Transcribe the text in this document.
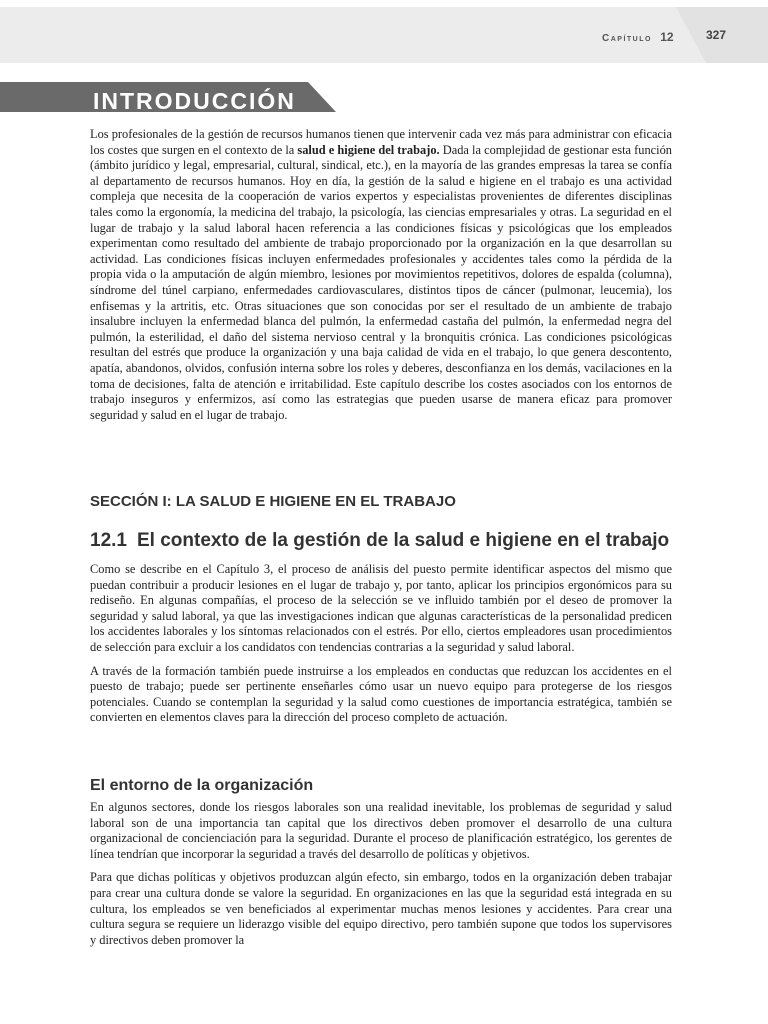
Capítulo 12	327
INTRODUCCIÓN

Los profesionales de la gestión de recursos humanos tienen que intervenir cada vez más para administrar con eficacia los costes que surgen en el contexto de la salud e higiene del trabajo. Dada la complejidad de gestionar esta función (ámbito jurídico y legal, empresarial, cultural, sindical, etc.), en la mayoría de las grandes empresas la tarea se confía al departamento de recursos humanos. Hoy en día, la gestión de la salud e higiene en el trabajo es una actividad compleja que necesita de la cooperación de varios expertos y especialistas provenientes de diferentes disciplinas tales como la ergonomía, la medicina del trabajo, la psicología, las ciencias empresariales y otras. La seguridad en el lugar de trabajo y la salud laboral hacen referencia a las condiciones físicas y psicológicas que los empleados experimentan como resultado del ambiente de trabajo proporcionado por la organización en la que desarrollan su actividad. Las condiciones físicas incluyen enfermedades profesionales y accidentes tales como la pérdida de la propia vida o la amputación de algún miembro, lesiones por movimientos repetitivos, dolores de espalda (columna), síndrome del túnel carpiano, enfermedades cardiovasculares, distintos tipos de cáncer (pulmonar, leucemia), los enfisemas y la artritis, etc. Otras situaciones que son conocidas por ser el resultado de un ambiente de trabajo insalubre incluyen la enfermedad blanca del pulmón, la enfermedad castaña del pulmón, la enfermedad negra del pulmón, la esterilidad, el daño del sistema nervioso central y la bronquitis crónica. Las condiciones psicológicas resultan del estrés que produce la organización y una baja calidad de vida en el trabajo, lo que genera descontento, apatía, abandonos, olvidos, confusión interna sobre los roles y deberes, desconfianza en los demás, vacilaciones en la toma de decisiones, falta de atención e irritabilidad. Este capítulo describe los costes asociados con los entornos de trabajo inseguros y enfermizos, así como las estrategias que pueden usarse de manera eficaz para promover seguridad y salud en el lugar de trabajo.

SECCIÓN I: LA SALUD E HIGIENE EN EL TRABAJO
12.1 El contexto de la gestión de la salud e higiene en el trabajo

Como se describe en el Capítulo 3, el proceso de análisis del puesto permite identificar aspectos del mismo que puedan contribuir a producir lesiones en el lugar de trabajo y, por tanto, aplicar los principios ergonómicos para su rediseño. En algunas compañías, el proceso de la selección se ve influido también por el deseo de promover la seguridad y salud laboral, ya que las investigaciones indican que algunas características de la personalidad predicen los accidentes laborales y los síntomas relacionados con el estrés. Por ello, ciertos empleadores usan procedimientos de selección para excluir a los candidatos con tendencias contrarias a la seguridad y salud laboral.

A través de la formación también puede instruirse a los empleados en conductas que reduzcan los accidentes en el puesto de trabajo; puede ser pertinente enseñarles cómo usar un nuevo equipo para protegerse de los riesgos potenciales. Cuando se contemplan la seguridad y la salud como cuestiones de importancia estratégica, también se convierten en elementos claves para la dirección del proceso completo de actuación.

El entorno de la organización

En algunos sectores, donde los riesgos laborales son una realidad inevitable, los problemas de seguridad y salud laboral son de una importancia tan capital que los directivos deben promover el desarrollo de una cultura organizacional de concienciación para la seguridad. Durante el proceso de planificación estratégico, los gerentes de línea tendrían que incorporar la seguridad a través del desarrollo de políticas y objetivos.

Para que dichas políticas y objetivos produzcan algún efecto, sin embargo, todos en la organización deben trabajar para crear una cultura donde se valore la seguridad. En organizaciones en las que la seguridad está integrada en su cultura, los empleados se ven beneficiados al experimentar muchas menos lesiones y accidentes. Para crear una cultura segura se requiere un liderazgo visible del equipo directivo, pero también supone que todos los supervisores y directivos deben promover la
